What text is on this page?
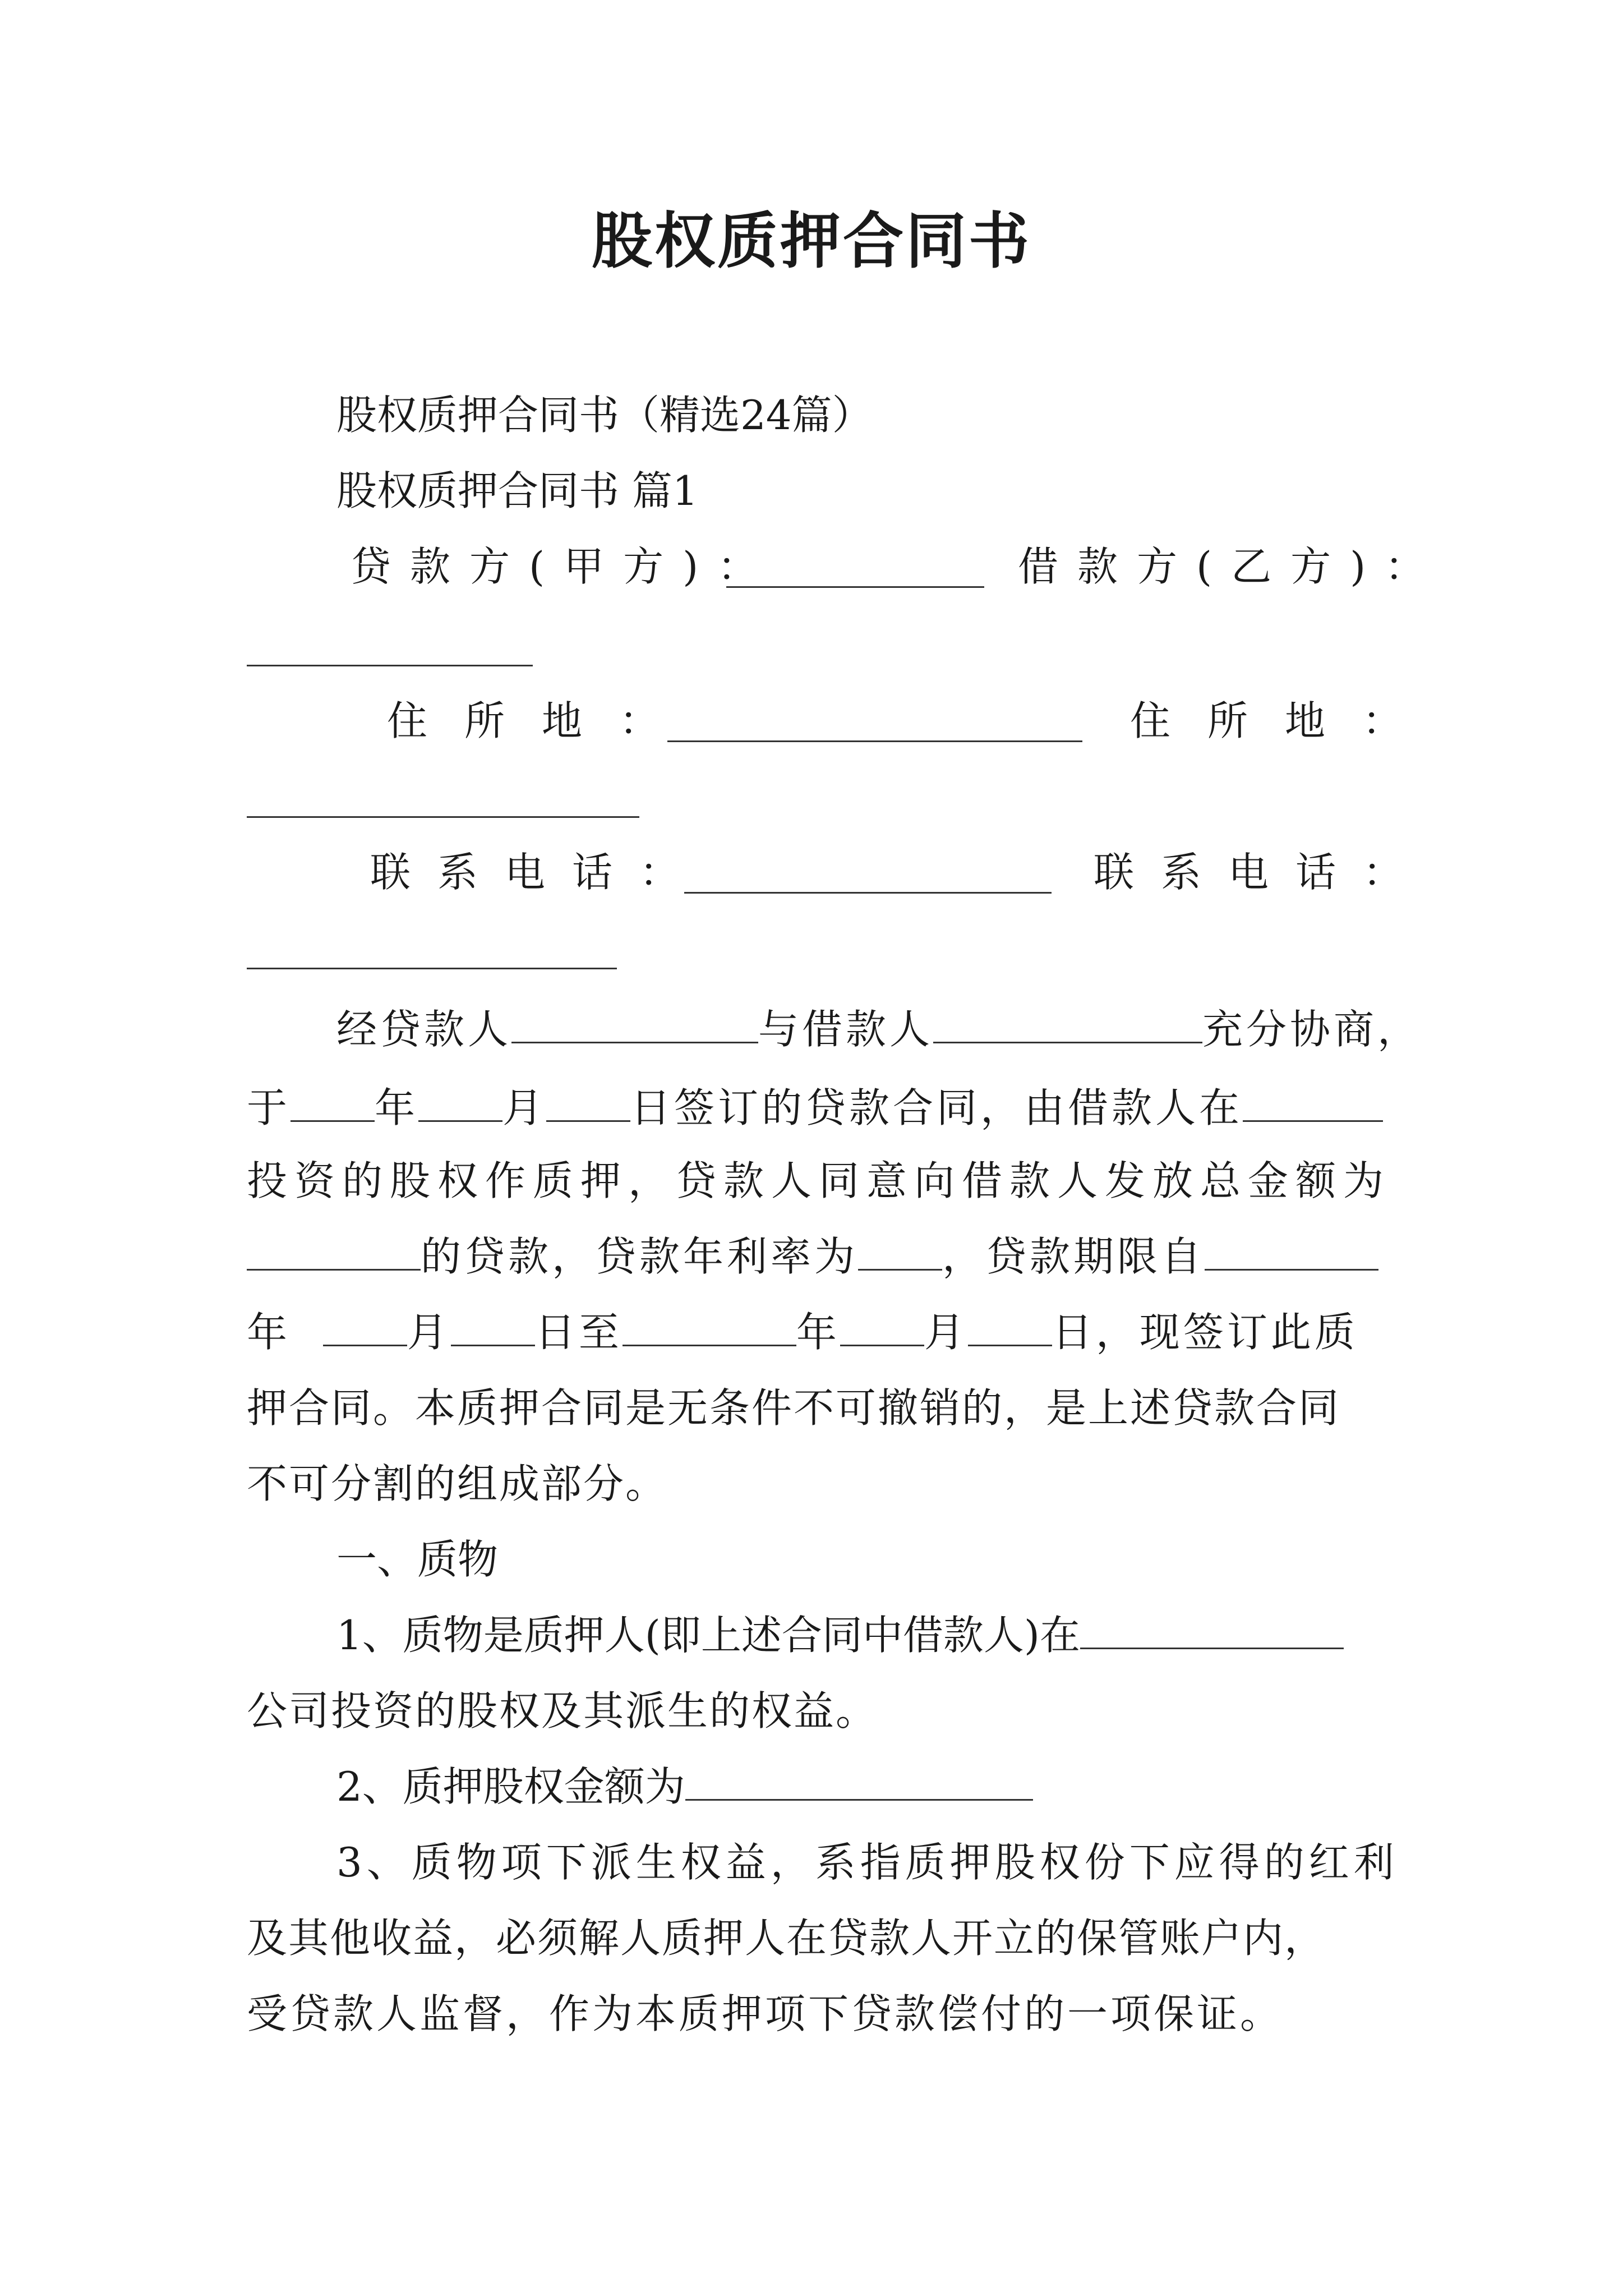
股权质押合同书
股权质押合同书（精选24篇）
股权质押合同书 篇1
贷款方(甲方)：	借款方(乙方)：
住所地：	住所地：
联系电话：	联系电话：
经贷款人	与借款人	充分协商，
于 年 月 日签订的贷款合同，由借款人在
投资的股权作质押，贷款人同意向借款人发放总金额为
的贷款，贷款年利率为 ，贷款期限自
年	月 日至	年 月 日，现签订此质
押合同。本质押合同是无条件不可撤销的，是上述贷款合同
不可分割的组成部分。
一、质物
1、质物是质押人(即上述合同中借款人)在
公司投资的股权及其派生的权益。
2、质押股权金额为
3、质物项下派生权益，系指质押股权份下应得的红利
及其他收益，必须解人质押人在贷款人开立的保管账户内，
受贷款人监督，作为本质押项下贷款偿付的一项保证。
